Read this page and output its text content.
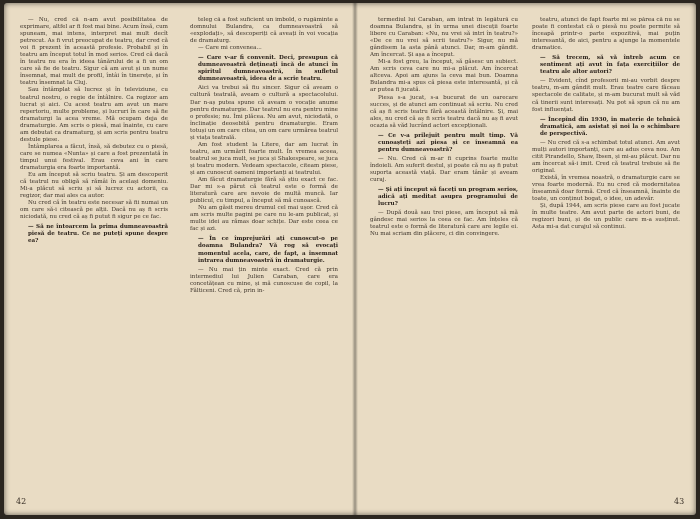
— Nu, cred că n-am avut posibilitatea de exprimare, altfel ar fi fost mai bine. Acum însă, cum spuneam, mai intens, interpret mai mult decît petrecut. As fi vrut preocupat de teatru, dar cred că voi fi prezent în această profesie. Probabil și în teatru am început totul în mod serios. Cred că dacă în teatru nu era în ideea tânărului de a fi un om care să fie de teatru. Sigur că am avut și un nume însemnat, mai mult de profil, întâi în tinerețe, și în teatru însemnat la Cluj.

Sau întâmplat să lucrez și în televiziune, cu teatrul nostru, o regie de întâlnire. Ca regizor am lucrat și aici. Cu acest teatru am avut un mare repertoriu, multe probleme, și lucruri în care să fie dramaturgi la acea vreme. Mă ocupam deja de dramaturgie. Am scris o piesă, mai înainte, cu care am debutat ca dramaturg, și am scris pentru teatru destule piese.

Întâmplarea a făcut, însă, să debutez cu o piesă, care se numea «Nunta» și care a fost prezentată în timpul unui festival. Erau ceva ani în care dramaturgia era foarte importantă.

Eu am început să scriu teatru. Și am descoperit că teatrul nu obligă să rămâi în același domeniu. Mi-a plăcut să scriu și să lucrez cu actorii, ca regizor, dar mai ales ca autor.

Nu cred că în teatru este necesar să fii numai un om care să-i citească pe alții. Dacă nu aș fi scris niciodată, nu cred că aș fi putut fi sigur pe ce fac.

— Să ne întoarcem la prima dumneavoastră piesă de teatru. Ce ne puteți spune despre ea?

teleg că a fost suficient un imbold, o rugăminte a domnului Bulandra, ca dumneavoastră să «explodați», să descoperiți că aveați în voi vocația de dramaturg.

— Care mi convenea...

— Care v-ar fi convenit. Deci, presupun că dumneavoastră dețineați încă de atunci în spiritul dumneavoastră, în sufletul dumneavoastră, ideea de a scrie teatru.

Aici va trebui să fiu sincer. Sigur că aveam o cultură teatrală, aveam o cultură a spectacolului. Dar n-aș putea spune că aveam o vocație anume pentru dramaturgie. Dar teatrul nu era pentru mine o profesie; nu. Îmi plăcea. Nu am avut, niciodată, o înclinație deosebită pentru dramaturgie. Eram totuși un om care citea, un om care urmărea teatrul și viața teatrală.

Am fost student la Litere, dar am lucrat în teatru, am urmărit foarte mult. În vremea aceea, teatrul se juca mult, se juca și Shakespeare, se juca și teatru modern. Vedeam spectacole, citeam piese, și am cunoscut oameni importanți ai teatrului.

Am făcut dramaturgie fără să știu exact ce fac. Dar mi s-a părut că teatrul este o formă de literatură care are nevoie de multă muncă. Iar publicul, cu timpul, a început să mă cunoască.

Nu am găsit mereu drumul cel mai ușor. Cred că am scris multe pagini pe care nu le-am publicat, și multe idei au rămas doar schițe. Dar este ceea ce fac și azi.

— În ce împrejurări ați cunoscut-o pe doamna Bulandra? Vă rog să evocați momentul acela, care, de fapt, a însemnat intrarea dumneavoastră în dramaturgie.

— Nu mai țin minte exact. Cred că prin intermediul lui Julien Caraban, care era concetățean cu mine, și mă cunoscuse de copil, la Fălticeni. Cred că, prin in-

termediul lui Caraban, am intrat în legătură cu doamna Bulandra, și în urma unei discuții foarte libere cu Caraban: «Nu, nu vrei să intri în teatru?» «De ce nu vrei să scrii teatru?» Sigur, nu mă gândisem la asta până atunci. Dar, m-am gândit. Am încercat. Și așa a început.

Mi-a fost greu, la început, să găsesc un subiect. Am scris ceva care nu mi-a plăcut. Am încercat altceva. Apoi am ajuns la ceva mai bun. Doamna Bulandra mi-a spus că piesa este interesantă, și că ar putea fi jucată.

Piesa s-a jucat, s-a bucurat de un oarecare succes, și de atunci am continuat să scriu. Nu cred că aș fi scris teatru fără această întâlnire. Și, mai ales, nu cred că aș fi scris teatru dacă nu aș fi avut ocazia să văd lucrând actori excepționali.

— Ce v-a prilejuit pentru mult timp. Vă cunoașteți azi piesa și ce înseamnă ea pentru dumneavoastră?

— Nu. Cred că m-ar fi cuprins foarte multe îndoieli. Am suferit destul, și poate că nu aș fi putut suporta această viață. Dar eram tânăr și aveam curaj.

— Și ați început să faceți un program serios, adică ați meditat asupra programului de lucru?

— După două sau trei piese, am început să mă gândesc mai serios la ceea ce fac. Am înțeles că teatrul este o formă de literatură care are legile ei. Nu mai scriam din plăcere, ci din convingere.

teatru, atunci de fapt foarte mi se părea că nu se poate fi contestat că o piesă nu poate permite să înceapă printr-o parte expozitivă, mai puțin interesantă, de aici, pentru a ajunge la momentele dramatice.

— Să trecem, să vă întreb acum ce sentiment ați avut în fața exercițiilor de teatru ale altor autori?

— Evident, cînd profesorii mi-au vorbit despre teatru, m-am gândit mult. Erau teatre care făceau spectacole de calitate, și m-am bucurat mult să văd că tinerii sunt interesați. Nu pot să spun că nu am fost influențat.

— Începînd din 1930, în materie de tehnică dramatică, am asistat și noi la o schimbare de perspectivă.

— Nu cred că s-a schimbat totul atunci. Am avut mulți autori importanți, care au adus ceva nou. Am citit Pirandello, Shaw, Ibsen, și mi-au plăcut. Dar nu am încercat să-i imit. Cred că teatrul trebuie să fie original.

Există, în vremea noastră, o dramaturgie care se vrea foarte modernă. Eu nu cred că modernitatea înseamnă doar formă. Cred că înseamnă, înainte de toate, un conținut bogat, o idee, un adevăr.

Și, după 1944, am scris piese care au fost jucate în multe teatre. Am avut parte de actori buni, de regizori buni, și de un public care m-a susținut. Asta mi-a dat curajul să continui.

42	43
